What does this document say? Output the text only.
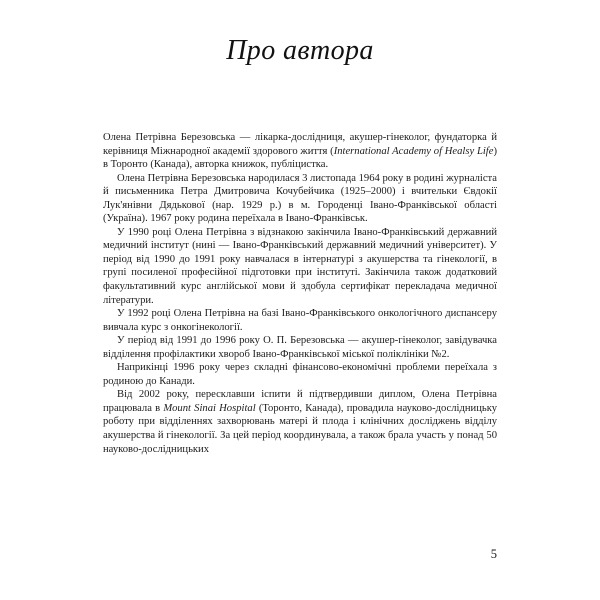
Про автора

Олена Петрівна Березовська — лікарка-дослідниця, акушер-гінеколог, фундаторка й керівниця Міжнародної академії здорового життя (International Academy of Healsy Life) в Торонто (Канада), авторка книжок, публіцистка.

Олена Петрівна Березовська народилася 3 листопада 1964 року в родині журналіста й письменника Петра Дмитровича Кочубейчика (1925–2000) і вчительки Євдокії Лук'янівни Дядькової (нар. 1929 р.) в м. Городенці Івано-Франківської області (Україна). 1967 року родина переїхала в Івано-Франківськ.

У 1990 році Олена Петрівна з відзнакою закінчила Івано-Франківський державний медичний інститут (нині — Івано-Франківський державний медичний університет). У період від 1990 до 1991 року навчалася в інтернатурі з акушерства та гінекології, в групі посиленої професійної підготовки при інституті. Закінчила також додатковий факультативний курс англійської мови й здобула сертифікат перекладача медичної літератури.

У 1992 році Олена Петрівна на базі Івано-Франківського онкологічного диспансеру вивчала курс з онкогінекології.

У період від 1991 до 1996 року О. П. Березовська — акушер-гінеколог, завідувачка відділення профілактики хвороб Івано-Франківської міської поліклініки №2.

Наприкінці 1996 року через складні фінансово-економічні проблеми переїхала з родиною до Канади.

Від 2002 року, пересклавши іспити й підтвердивши диплом, Олена Петрівна працювала в Mount Sinai Hospital (Торонто, Канада), провадила науково-дослідницьку роботу при відділеннях захворювань матері й плода і клінічних досліджень відділу акушерства й гінекології. За цей період координувала, а також брала участь у понад 50 науково-дослідницьких

5
